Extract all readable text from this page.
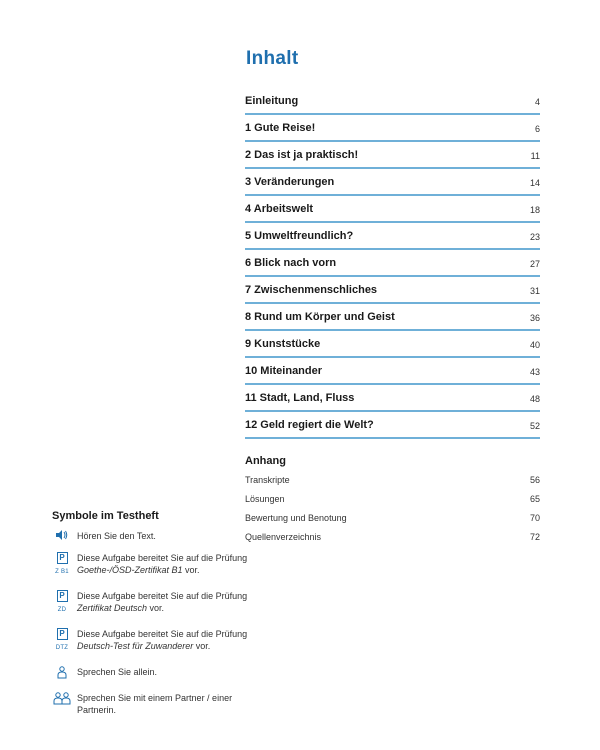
Inhalt
Einleitung	4
1 Gute Reise!	6
2 Das ist ja praktisch!	11
3 Veränderungen	14
4 Arbeitswelt	18
5 Umweltfreundlich?	23
6 Blick nach vorn	27
7 Zwischenmenschliches	31
8 Rund um Körper und Geist	36
9 Kunststücke	40
10 Miteinander	43
11 Stadt, Land, Fluss	48
12 Geld regiert die Welt?	52
Anhang
Transkripte	56
Lösungen	65
Bewertung und Benotung	70
Quellenverzeichnis	72
Symbole im Testheft
Hören Sie den Text.
P
Z B1
Diese Aufgabe bereitet Sie auf die Prüfung Goethe-/ÖSD-Zertifikat B1 vor.
P
ZD
Diese Aufgabe bereitet Sie auf die Prüfung Zertifikat Deutsch vor.
P
DTZ
Diese Aufgabe bereitet Sie auf die Prüfung Deutsch-Test für Zuwanderer vor.
Sprechen Sie allein.
Sprechen Sie mit einem Partner / einer Partnerin.
